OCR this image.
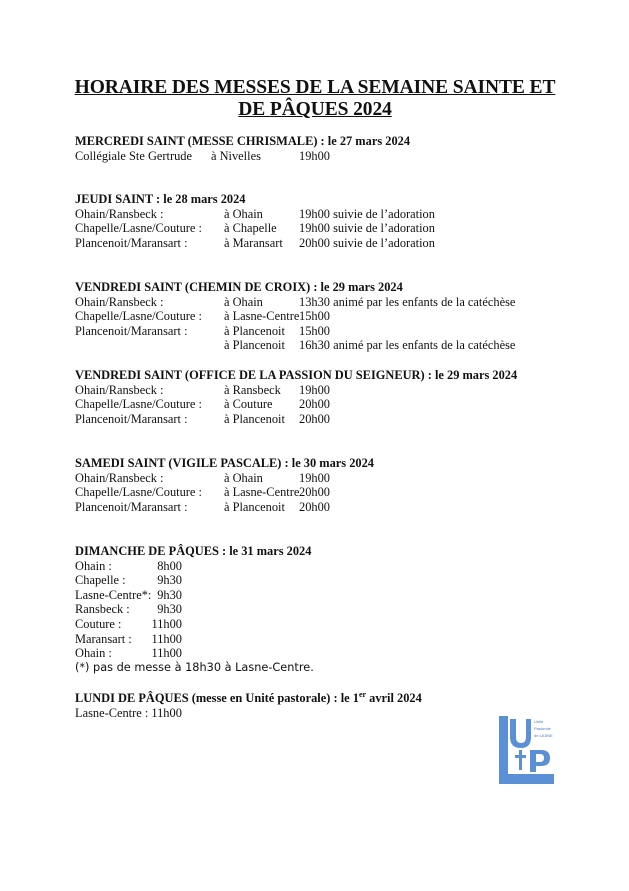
HORAIRE DES MESSES DE LA SEMAINE SAINTE ET
DE PÂQUES 2024
MERCREDI SAINT (MESSE CHRISMALE) : le 27 mars 2024
Collégiale Ste Gertrude à Nivelles	19h00
JEUDI SAINT : le 28 mars 2024
Ohain/Ransbeck :	à Ohain	19h00 suivie de l’adoration
Chapelle/Lasne/Couture : à Chapelle 19h00 suivie de l’adoration
Plancenoit/Maransart :	à Maransart 20h00 suivie de l’adoration
VENDREDI SAINT (CHEMIN DE CROIX) : le 29 mars 2024
Ohain/Ransbeck :	à Ohain	13h30 animé par les enfants de la catéchèse
Chapelle/Lasne/Couture : à Lasne-Centre 15h00
Plancenoit/Maransart :	à Plancenoit 15h00
à Plancenoit 16h30 animé par les enfants de la catéchèse
VENDREDI SAINT (OFFICE DE LA PASSION DU SEIGNEUR) : le 29 mars 2024
Ohain/Ransbeck :	à Ransbeck 19h00
Chapelle/Lasne/Couture : à Couture 20h00
Plancenoit/Maransart :	à Plancenoit 20h00
SAMEDI SAINT (VIGILE PASCALE) : le 30 mars 2024
Ohain/Ransbeck :	à Ohain	19h00
Chapelle/Lasne/Couture : à Lasne-Centre 20h00
Plancenoit/Maransart :	à Plancenoit 20h00
DIMANCHE DE PÂQUES : le 31 mars 2024
Ohain :	8h00
Chapelle :	9h30
Lasne-Centre*: 9h30
Ransbeck :	9h30
Couture :	11h00
Maransart :	11h00
Ohain :	11h00
(*) pas de messe à 18h30 à Lasne-Centre.
LUNDI DE PÂQUES (messe en Unité pastorale) : le 1er avril 2024
Lasne-Centre : 11h00
Unité
Pastorale
de LASNE
